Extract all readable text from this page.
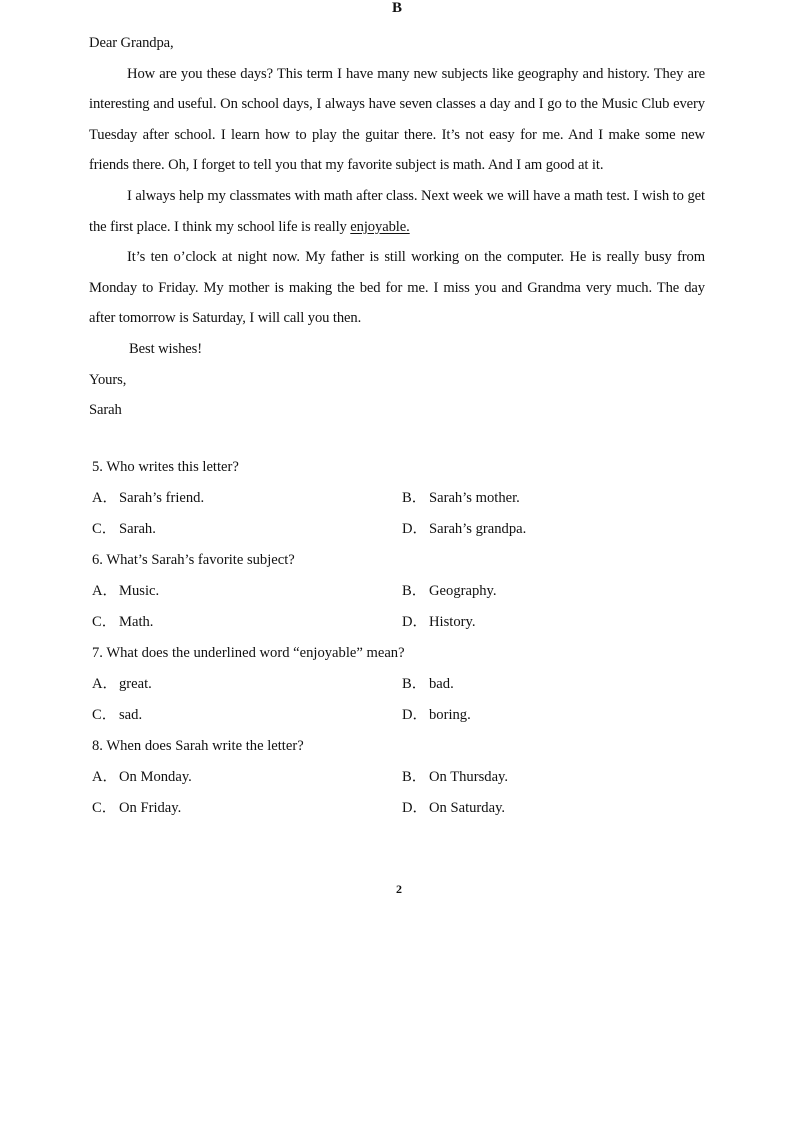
B

Dear Grandpa,

How are you these days? This term I have many new subjects like geography and history. They are interesting and useful. On school days, I always have seven classes a day and I go to the Music Club every Tuesday after school. I learn how to play the guitar there. It’s not easy for me. And I make some new friends there. Oh, I forget to tell you that my favorite subject is math. And I am good at it.

I always help my classmates with math after class. Next week we will have a math test. I wish to get the first place. I think my school life is really enjoyable.

It’s ten o’clock at night now. My father is still working on the computer. He is really busy from Monday to Friday. My mother is making the bed for me. I miss you and Grandma very much. The day after tomorrow is Saturday, I will call you then.

Best wishes!

Yours,

Sarah

5. Who writes this letter?
A． Sarah’s friend.	B． Sarah’s mother.
C． Sarah.	D． Sarah’s grandpa.
6. What’s Sarah’s favorite subject?
A． Music.	B． Geography.
C． Math.	D． History.
7. What does the underlined word “enjoyable” mean?
A． great.	B． bad.
C． sad.	D． boring.
8. When does Sarah write the letter?
A． On Monday.	B． On Thursday.
C． On Friday.	D． On Saturday.
2
